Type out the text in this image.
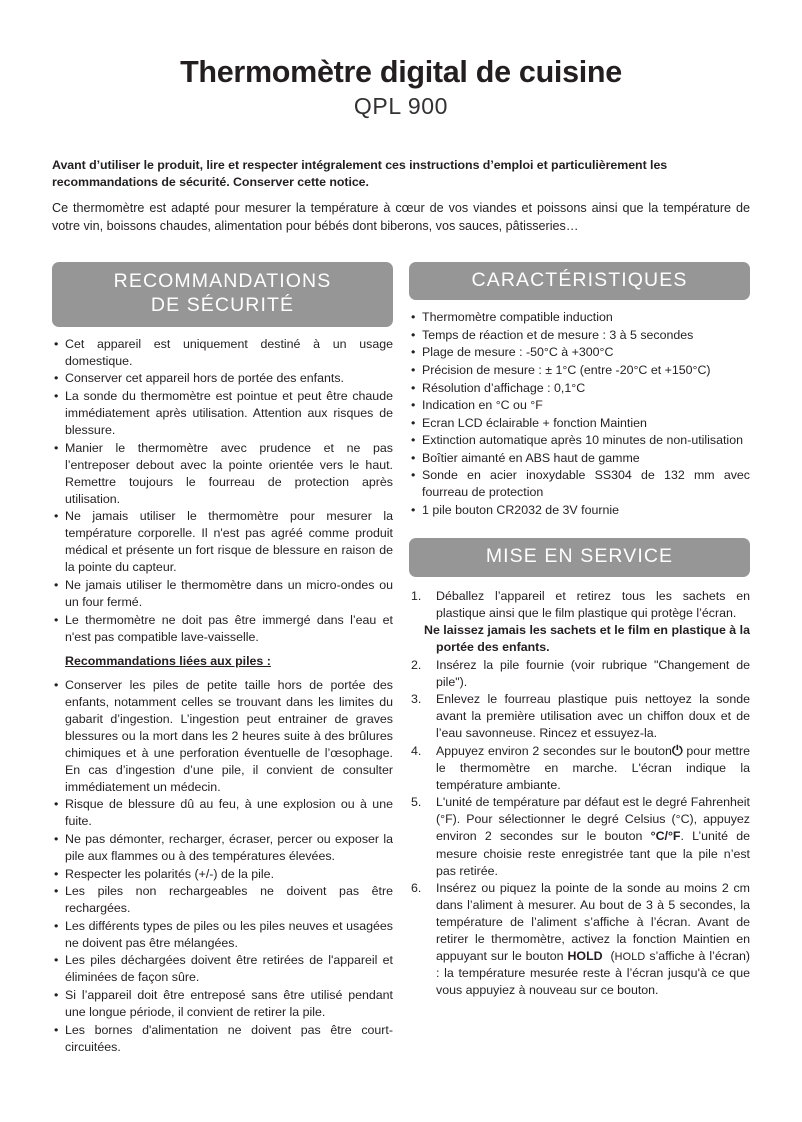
Thermomètre digital de cuisine
QPL 900

Avant d’utiliser le produit, lire et respecter intégralement ces instructions d’emploi et particulièrement les recommandations de sécurité. Conserver cette notice.

Ce thermomètre est adapté pour mesurer la température à cœur de vos viandes et poissons ainsi que la température de votre vin, boissons chaudes, alimentation pour bébés dont biberons, vos sauces, pâtisseries…

RECOMMANDATIONS
DE SÉCURITÉ
• Cet appareil est uniquement destiné à un usage domestique.
• Conserver cet appareil hors de portée des enfants.
• La sonde du thermomètre est pointue et peut être chaude immédiatement après utilisation. Attention aux risques de blessure.
• Manier le thermomètre avec prudence et ne pas l’entreposer debout avec la pointe orientée vers le haut. Remettre toujours le fourreau de protection après utilisation.
• Ne jamais utiliser le thermomètre pour mesurer la température corporelle. Il n'est pas agréé comme produit médical et présente un fort risque de blessure en raison de la pointe du capteur.
• Ne jamais utiliser le thermomètre dans un micro-ondes ou un four fermé.
• Le thermomètre ne doit pas être immergé dans l’eau et n'est pas compatible lave-vaisselle.
Recommandations liées aux piles :
• Conserver les piles de petite taille hors de portée des enfants, notamment celles se trouvant dans les limites du gabarit d’ingestion. L’ingestion peut entrainer de graves blessures ou la mort dans les 2 heures suite à des brûlures chimiques et à une perforation éventuelle de l’œsophage. En cas d’ingestion d’une pile, il convient de consulter immédiatement un médecin.
• Risque de blessure dû au feu, à une explosion ou à une fuite.
• Ne pas démonter, recharger, écraser, percer ou exposer la pile aux flammes ou à des températures élevées.
• Respecter les polarités (+/-) de la pile.
• Les piles non rechargeables ne doivent pas être rechargées.
• Les différents types de piles ou les piles neuves et usagées ne doivent pas être mélangées.
• Les piles déchargées doivent être retirées de l'appareil et éliminées de façon sûre.
• Si l’appareil doit être entreposé sans être utilisé pendant une longue période, il convient de retirer la pile.
• Les bornes d'alimentation ne doivent pas être court-circuitées.
CARACTÉRISTIQUES
• Thermomètre compatible induction
• Temps de réaction et de mesure : 3 à 5 secondes
• Plage de mesure : -50°C à +300°C
• Précision de mesure : ± 1°C (entre -20°C et +150°C)
• Résolution d’affichage : 0,1°C
• Indication en °C ou °F
• Ecran LCD éclairable + fonction Maintien
• Extinction automatique après 10 minutes de non-utilisation
• Boîtier aimanté en ABS haut de gamme
• Sonde en acier inoxydable SS304 de 132 mm avec fourreau de protection
• 1 pile bouton CR2032 de 3V fournie
MISE EN SERVICE
Déballez l’appareil et retirez tous les sachets en plastique ainsi que le film plastique qui protège l’écran.
Ne laissez jamais les sachets et le film en plastique à la portée des enfants.
Insérez la pile fournie (voir rubrique "Changement de pile").
Enlevez le fourreau plastique puis nettoyez la sonde avant la première utilisation avec un chiffon doux et de l’eau savonneuse. Rincez et essuyez-la.
Appuyez environ 2 secondes sur le bouton⏻ pour mettre le thermomètre en marche. L'écran indique la température ambiante.
L'unité de température par défaut est le degré Fahrenheit (°F). Pour sélectionner le degré Celsius (°C), appuyez environ 2 secondes sur le bouton °C/°F. L’unité de mesure choisie reste enregistrée tant que la pile n’est pas retirée.
Insérez ou piquez la pointe de la sonde au moins 2 cm dans l’aliment à mesurer. Au bout de 3 à 5 secondes, la température de l’aliment s’affiche à l’écran. Avant de retirer le thermomètre, activez la fonction Maintien en appuyant sur le bouton HOLD (HOLD s’affiche à l’écran) : la température mesurée reste à l’écran jusqu'à ce que vous appuyiez à nouveau sur ce bouton.
